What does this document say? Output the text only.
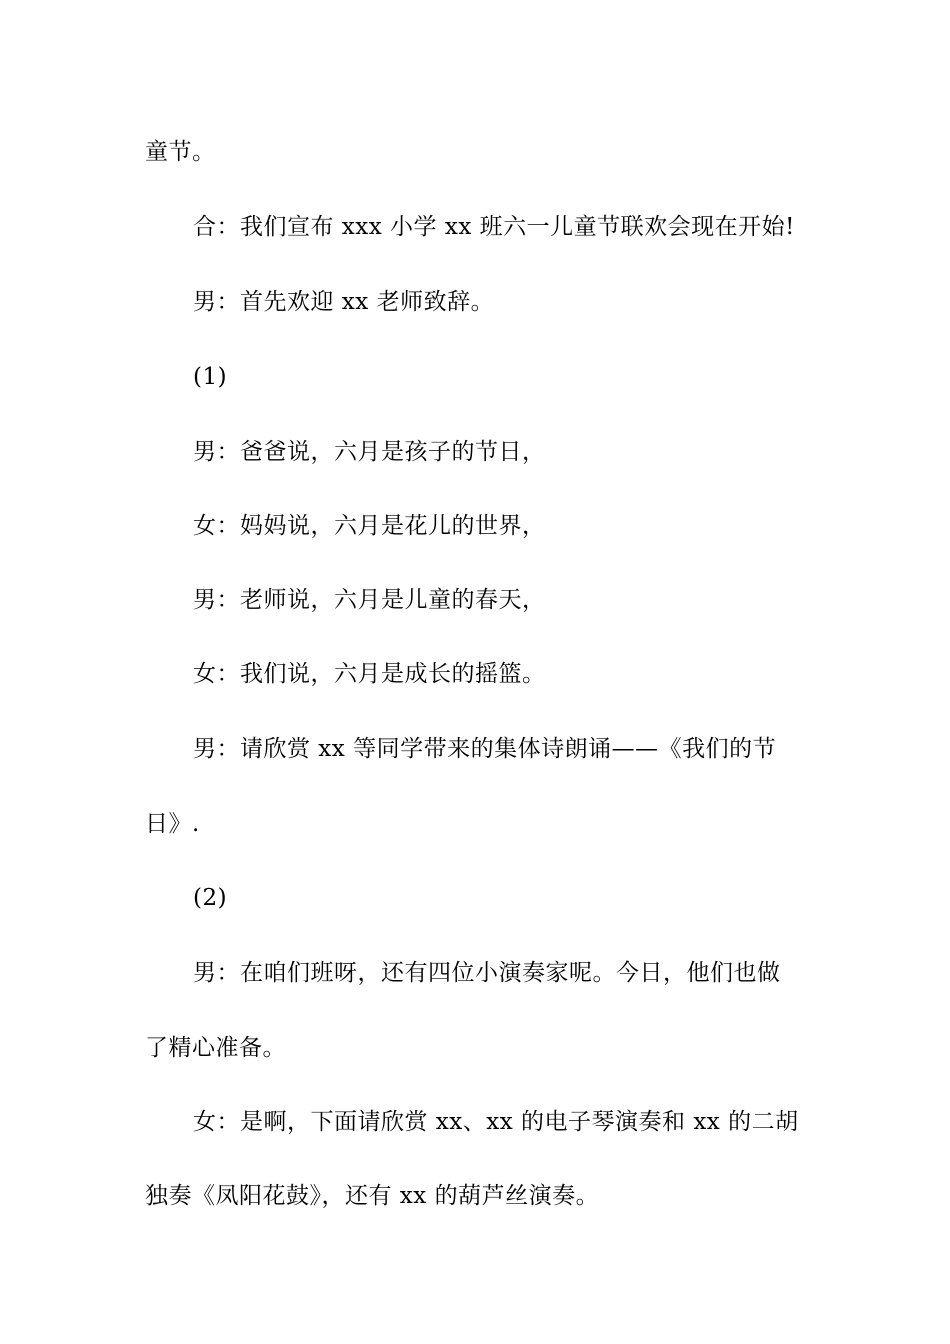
童节。
合：我们宣布 xxx 小学 xx 班六一儿童节联欢会现在开始!
男：首先欢迎 xx 老师致辞。
(1)
男：爸爸说，六月是孩子的节日，
女：妈妈说，六月是花儿的世界，
男：老师说，六月是儿童的春天，
女：我们说，六月是成长的摇篮。
男：请欣赏 xx 等同学带来的集体诗朗诵——《我们的节
日》.
(2)
男：在咱们班呀，还有四位小演奏家呢。今日，他们也做
了精心准备。
女：是啊，下面请欣赏 xx、xx 的电子琴演奏和 xx 的二胡
独奏《凤阳花鼓》，还有 xx 的葫芦丝演奏。
